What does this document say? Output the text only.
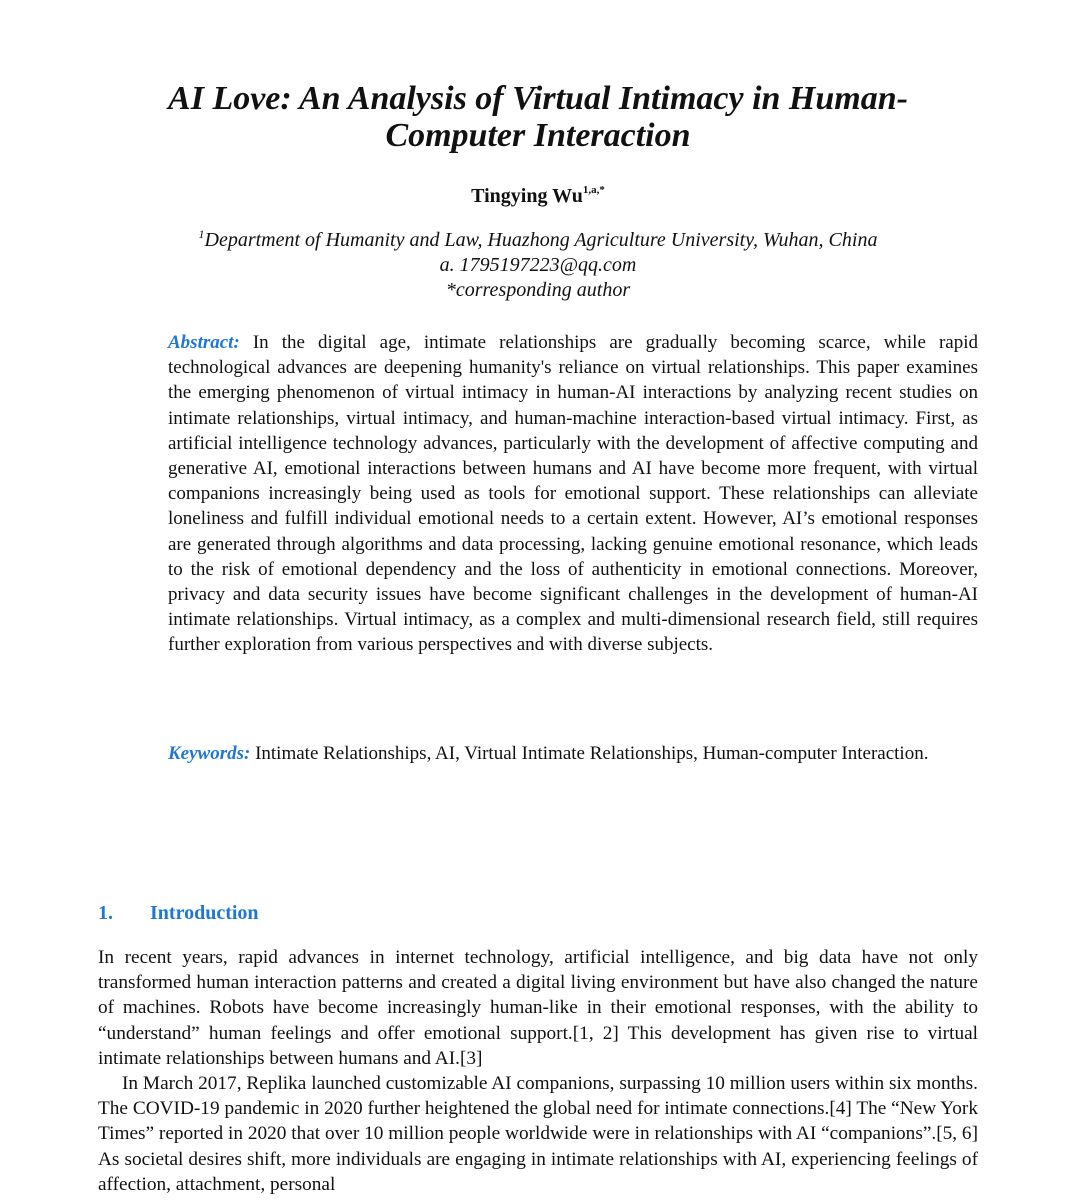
AI Love: An Analysis of Virtual Intimacy in Human-
Computer Interaction
Tingying $Wu^{1,a,*}$
$^1$Department of Humanity and Law, Huazhong Agriculture University, Wuhan, China
a. 1795197223@qq.com
*corresponding author
Abstract: In the digital age, intimate relationships are gradually becoming scarce, while rapid technological advances are deepening humanity's reliance on virtual relationships. This paper examines the emerging phenomenon of virtual intimacy in human-AI interactions by analyzing recent studies on intimate relationships, virtual intimacy, and human-machine interaction-based virtual intimacy. First, as artificial intelligence technology advances, particularly with the development of affective computing and generative AI, emotional interactions between humans and AI have become more frequent, with virtual companions increasingly being used as tools for emotional support. These relationships can alleviate loneliness and fulfill individual emotional needs to a certain extent. However, AI’s emotional responses are generated through algorithms and data processing, lacking genuine emotional resonance, which leads to the risk of emotional dependency and the loss of authenticity in emotional connections. Moreover, privacy and data security issues have become significant challenges in the development of human-AI intimate relationships. Virtual intimacy, as a complex and multi-dimensional research field, still requires further exploration from various perspectives and with diverse subjects.
Keywords: Intimate Relationships, AI, Virtual Intimate Relationships, Human-computer Interaction.
1. Introduction

In recent years, rapid advances in internet technology, artificial intelligence, and big data have not only transformed human interaction patterns and created a digital living environment but have also changed the nature of machines. Robots have become increasingly human-like in their emotional responses, with the ability to “understand” human feelings and offer emotional support.[1, 2] This development has given rise to virtual intimate relationships between humans and AI.[3]

In March 2017, Replika launched customizable AI companions, surpassing 10 million users within six months. The COVID-19 pandemic in 2020 further heightened the global need for intimate connections.[4] The “New York Times” reported in 2020 that over 10 million people worldwide were in relationships with AI “companions”.[5, 6] As societal desires shift, more individuals are engaging in intimate relationships with AI, experiencing feelings of affection, attachment, personal
